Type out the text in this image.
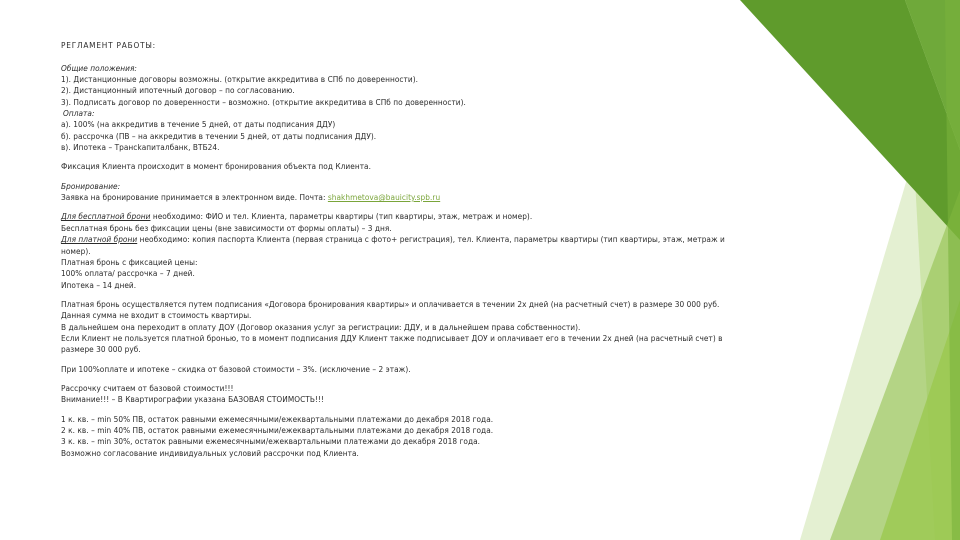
РЕГЛАМЕНТ РАБОТЫ:

Общие положения:

1). Дистанционные договоры возможны. (открытие аккредитива в СПб по доверенности).

2). Дистанционный ипотечный договор – по согласованию.

3). Подписать договор по доверенности – возможно. (открытие аккредитива в СПб по доверенности).

Оплата:

а). 100% (на аккредитив в течение 5 дней, от даты подписания ДДУ)

б). рассрочка (ПВ – на аккредитив в течении 5 дней, от даты подписания ДДУ).

в). Ипотека – Трансkапиталбанк, ВТБ24.

Фиксация Клиента происходит в момент бронирования объекта под Клиента.

Бронирование:

Заявка на бронирование принимается в электронном виде. Почта: shakhmetova@bauicity.spb.ru

Для бесплатной брони необходимо: ФИО и тел. Клиента, параметры квартиры (тип квартиры, этаж, метраж и номер).

Бесплатная бронь без фиксации цены (вне зависимости от формы оплаты) – 3 дня.

Для платной брони необходимо: копия паспорта Клиента (первая страница с фото+ регистрация), тел. Клиента, параметры квартиры (тип квартиры, этаж, метраж и номер).

Платная бронь с фиксацией цены:

100% оплата/ рассрочка – 7 дней.

Ипотека – 14 дней.

Платная бронь осуществляется путем подписания «Договора бронирования квартиры» и оплачивается в течении 2х дней (на расчетный счет) в размере 30 000 руб.

Данная сумма не входит в стоимость квартиры.

В дальнейшем она переходит в оплату ДОУ (Договор оказания услуг за регистрации: ДДУ, и в дальнейшем права собственности).

Если Клиент не пользуется платной бронью, то в момент подписания ДДУ Клиент также подписывает ДОУ и оплачивает его в течении 2х дней (на расчетный счет) в размере 30 000 руб.

При 100%оплате и ипотеке – скидка от базовой стоимости – 3%. (исключение – 2 этаж).

Рассрочку считаем от базовой стоимости!!!

Внимание!!! – В Квартирографии указана БАЗОВАЯ СТОИМОСТЬ!!!

1 к. кв. – min 50% ПВ, остаток равными ежемесячными/ежеквартальными платежами до декабря 2018 года.

2 к. кв. – min 40% ПВ, остаток равными ежемесячными/ежеквартальными платежами до декабря 2018 года.

3 к. кв. – min 30%, остаток равными ежемесячными/ежеквартальными платежами до декабря 2018 года.

Возможно согласование индивидуальных условий рассрочки под Клиента.
